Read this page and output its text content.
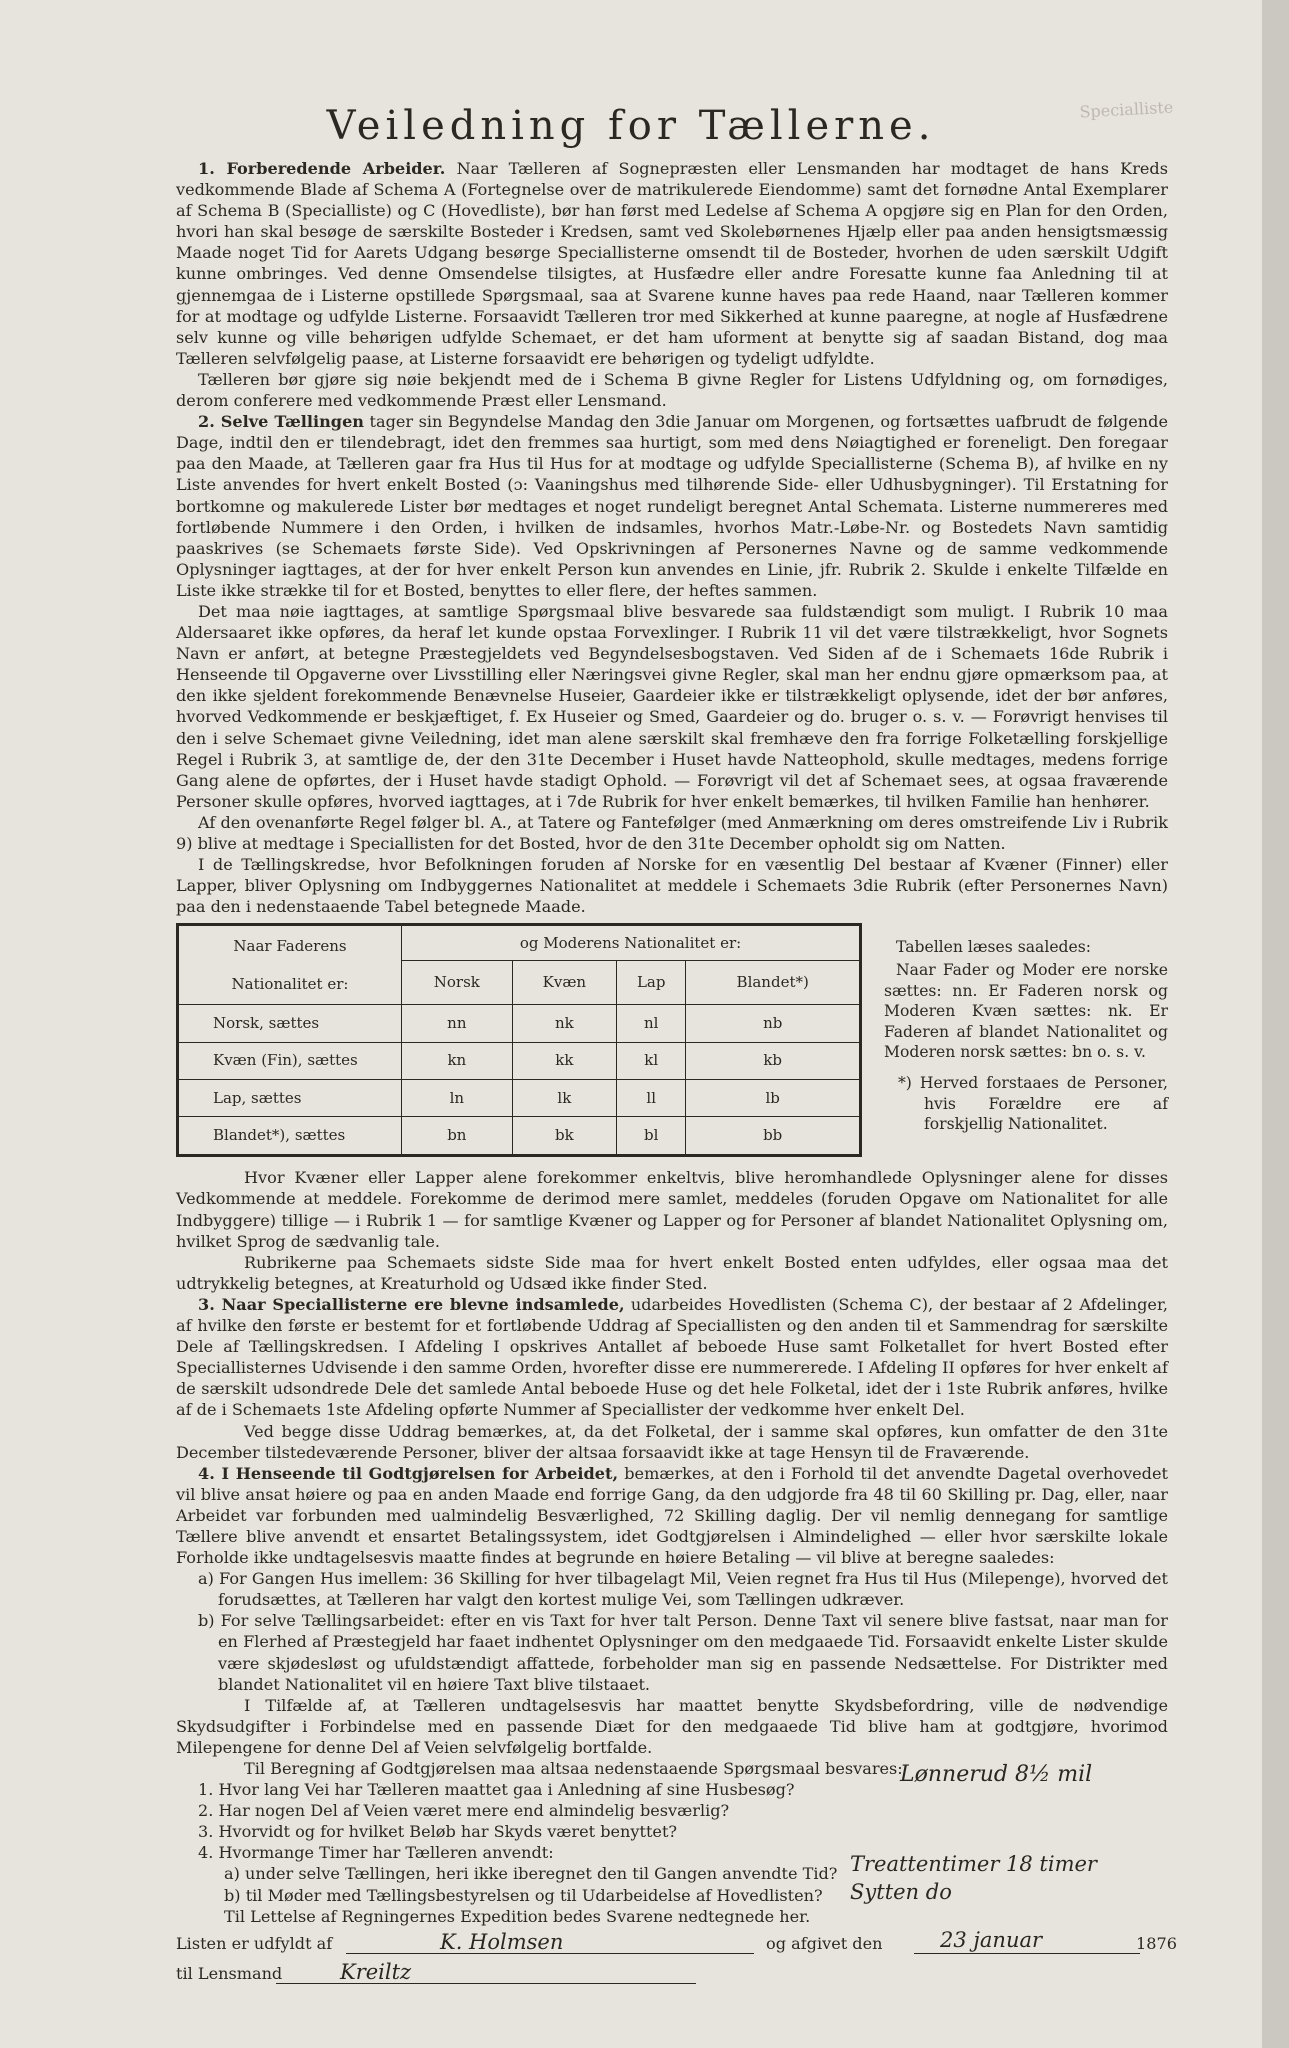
Specialliste
Veiledning for Tællerne.

1. Forberedende Arbeider. Naar Tælleren af Sognepræsten eller Lensmanden har modtaget de hans Kreds vedkommende Blade af Schema A (Fortegnelse over de matrikulerede Eiendomme) samt det fornødne Antal Exemplarer af Schema B (Specialliste) og C (Hovedliste), bør han først med Ledelse af Schema A opgjøre sig en Plan for den Orden, hvori han skal besøge de særskilte Bosteder i Kredsen, samt ved Skolebørnenes Hjælp eller paa anden hensigtsmæssig Maade noget Tid for Aarets Udgang besørge Speciallisterne omsendt til de Bosteder, hvorhen de uden særskilt Udgift kunne ombringes. Ved denne Omsendelse tilsigtes, at Husfædre eller andre Foresatte kunne faa Anledning til at gjennemgaa de i Listerne opstillede Spørgsmaal, saa at Svarene kunne haves paa rede Haand, naar Tælleren kommer for at modtage og udfylde Listerne. Forsaavidt Tælleren tror med Sikkerhed at kunne paaregne, at nogle af Husfædrene selv kunne og ville behørigen udfylde Schemaet, er det ham uforment at benytte sig af saadan Bistand, dog maa Tælleren selvfølgelig paase, at Listerne forsaavidt ere behørigen og tydeligt udfyldte.

Tælleren bør gjøre sig nøie bekjendt med de i Schema B givne Regler for Listens Udfyldning og, om fornødiges, derom conferere med vedkommende Præst eller Lensmand.

2. Selve Tællingen tager sin Begyndelse Mandag den 3die Januar om Morgenen, og fortsættes uafbrudt de følgende Dage, indtil den er tilendebragt, idet den fremmes saa hurtigt, som med dens Nøiagtighed er foreneligt. Den foregaar paa den Maade, at Tælleren gaar fra Hus til Hus for at modtage og udfylde Speciallisterne (Schema B), af hvilke en ny Liste anvendes for hvert enkelt Bosted (ɔ: Vaaningshus med tilhørende Side- eller Udhusbygninger). Til Erstatning for bortkomne og makulerede Lister bør medtages et noget rundeligt beregnet Antal Schemata. Listerne nummereres med fortløbende Nummere i den Orden, i hvilken de indsamles, hvorhos Matr.-Løbe-Nr. og Bostedets Navn samtidig paaskrives (se Schemaets første Side). Ved Opskrivningen af Personernes Navne og de samme vedkommende Oplysninger iagttages, at der for hver enkelt Person kun anvendes en Linie, jfr. Rubrik 2. Skulde i enkelte Tilfælde en Liste ikke strække til for et Bosted, benyttes to eller flere, der heftes sammen.

Det maa nøie iagttages, at samtlige Spørgsmaal blive besvarede saa fuldstændigt som muligt. I Rubrik 10 maa Aldersaaret ikke opføres, da heraf let kunde opstaa Forvexlinger. I Rubrik 11 vil det være tilstrækkeligt, hvor Sognets Navn er anført, at betegne Præstegjeldets ved Begyndelsesbogstaven. Ved Siden af de i Schemaets 16de Rubrik i Henseende til Opgaverne over Livsstilling eller Næringsvei givne Regler, skal man her endnu gjøre opmærksom paa, at den ikke sjeldent forekommende Benævnelse Huseier, Gaardeier ikke er tilstrækkeligt oplysende, idet der bør anføres, hvorved Vedkommende er beskjæftiget, f. Ex Huseier og Smed, Gaardeier og do. bruger o. s. v. — Forøvrigt henvises til den i selve Schemaet givne Veiledning, idet man alene særskilt skal fremhæve den fra forrige Folketælling forskjellige Regel i Rubrik 3, at samtlige de, der den 31te December i Huset havde Natteophold, skulle medtages, medens forrige Gang alene de opførtes, der i Huset havde stadigt Ophold. — Forøvrigt vil det af Schemaet sees, at ogsaa fraværende Personer skulle opføres, hvorved iagttages, at i 7de Rubrik for hver enkelt bemærkes, til hvilken Familie han henhører.

Af den ovenanførte Regel følger bl. A., at Tatere og Fantefølger (med Anmærkning om deres omstreifende Liv i Rubrik 9) blive at medtage i Speciallisten for det Bosted, hvor de den 31te December opholdt sig om Natten.

I de Tællingskredse, hvor Befolkningen foruden af Norske for en væsentlig Del bestaar af Kvæner (Finner) eller Lapper, bliver Oplysning om Indbyggernes Nationalitet at meddele i Schemaets 3die Rubrik (efter Personernes Navn) paa den i nedenstaaende Tabel betegnede Maade.

Naar Faderens
Nationalitet er:	og Moderens Nationalitet er:			
	Norsk	Kvæn	Lap	Blandet*)
Norsk, sættes	nn	nk	nl	nb
Kvæn (Fin), sættes	kn	kk	kl	kb
Lap, sættes	ln	lk	ll	lb
Blandet*), sættes	bn	bk	bl	bb

Tabellen læses saaledes:

Naar Fader og Moder ere norske sættes: nn. Er Faderen norsk og Moderen Kvæn sættes: nk. Er Faderen af blandet Nationalitet og Moderen norsk sættes: bn o. s. v.

*) Herved forstaaes de Personer, hvis Forældre ere af forskjellig Nationalitet.

Hvor Kvæner eller Lapper alene forekommer enkeltvis, blive heromhandlede Oplysninger alene for disses Vedkommende at meddele. Forekomme de derimod mere samlet, meddeles (foruden Opgave om Nationalitet for alle Indbyggere) tillige — i Rubrik 1 — for samtlige Kvæner og Lapper og for Personer af blandet Nationalitet Oplysning om, hvilket Sprog de sædvanlig tale.

Rubrikerne paa Schemaets sidste Side maa for hvert enkelt Bosted enten udfyldes, eller ogsaa maa det udtrykkelig betegnes, at Kreaturhold og Udsæd ikke finder Sted.

3. Naar Speciallisterne ere blevne indsamlede, udarbeides Hovedlisten (Schema C), der bestaar af 2 Afdelinger, af hvilke den første er bestemt for et fortløbende Uddrag af Speciallisten og den anden til et Sammendrag for særskilte Dele af Tællingskredsen. I Afdeling I opskrives Antallet af beboede Huse samt Folketallet for hvert Bosted efter Speciallisternes Udvisende i den samme Orden, hvorefter disse ere nummererede. I Afdeling II opføres for hver enkelt af de særskilt udsondrede Dele det samlede Antal beboede Huse og det hele Folketal, idet der i 1ste Rubrik anføres, hvilke af de i Schemaets 1ste Afdeling opførte Nummer af Speciallister der vedkomme hver enkelt Del.

Ved begge disse Uddrag bemærkes, at, da det Folketal, der i samme skal opføres, kun omfatter de den 31te December tilstedeværende Personer, bliver der altsaa forsaavidt ikke at tage Hensyn til de Fraværende.

4. I Henseende til Godtgjørelsen for Arbeidet, bemærkes, at den i Forhold til det anvendte Dagetal overhovedet vil blive ansat høiere og paa en anden Maade end forrige Gang, da den udgjorde fra 48 til 60 Skilling pr. Dag, eller, naar Arbeidet var forbunden med ualmindelig Besværlighed, 72 Skilling daglig. Der vil nemlig dennegang for samtlige Tællere blive anvendt et ensartet Betalingssystem, idet Godtgjørelsen i Almindelighed — eller hvor særskilte lokale Forholde ikke undtagelsesvis maatte findes at begrunde en høiere Betaling — vil blive at beregne saaledes:

a) For Gangen Hus imellem: 36 Skilling for hver tilbagelagt Mil, Veien regnet fra Hus til Hus (Milepenge), hvorved det forudsættes, at Tælleren har valgt den kortest mulige Vei, som Tællingen udkræver.

b) For selve Tællingsarbeidet: efter en vis Taxt for hver talt Person. Denne Taxt vil senere blive fastsat, naar man for en Flerhed af Præstegjeld har faaet indhentet Oplysninger om den medgaaede Tid. Forsaavidt enkelte Lister skulde være skjødesløst og ufuldstændigt affattede, forbeholder man sig en passende Nedsættelse. For Distrikter med blandet Nationalitet vil en høiere Taxt blive tilstaaet.

I Tilfælde af, at Tælleren undtagelsesvis har maattet benytte Skydsbefordring, ville de nødvendige Skydsudgifter i Forbindelse med en passende Diæt for den medgaaede Tid blive ham at godtgjøre, hvorimod Milepengene for denne Del af Veien selvfølgelig bortfalde.

Til Beregning af Godtgjørelsen maa altsaa nedenstaaende Spørgsmaal besvares:

1. Hvor lang Vei har Tælleren maattet gaa i Anledning af sine Husbesøg?

2. Har nogen Del af Veien været mere end almindelig besværlig?

3. Hvorvidt og for hvilket Beløb har Skyds været benyttet?

4. Hvormange Timer har Tælleren anvendt:

a) under selve Tællingen, heri ikke iberegnet den til Gangen anvendte Tid?

b) til Møder med Tællingsbestyrelsen og til Udarbeidelse af Hovedlisten?

Til Lettelse af Regningernes Expedition bedes Svarene nedtegnede her.

Listen er udfyldt af	og afgivet den	1876
til Lensmand
Lønnerud 8½ mil
Treattentimer 18 timer
Sytten do
K. Holmsen	23 januar
Kreiltz
